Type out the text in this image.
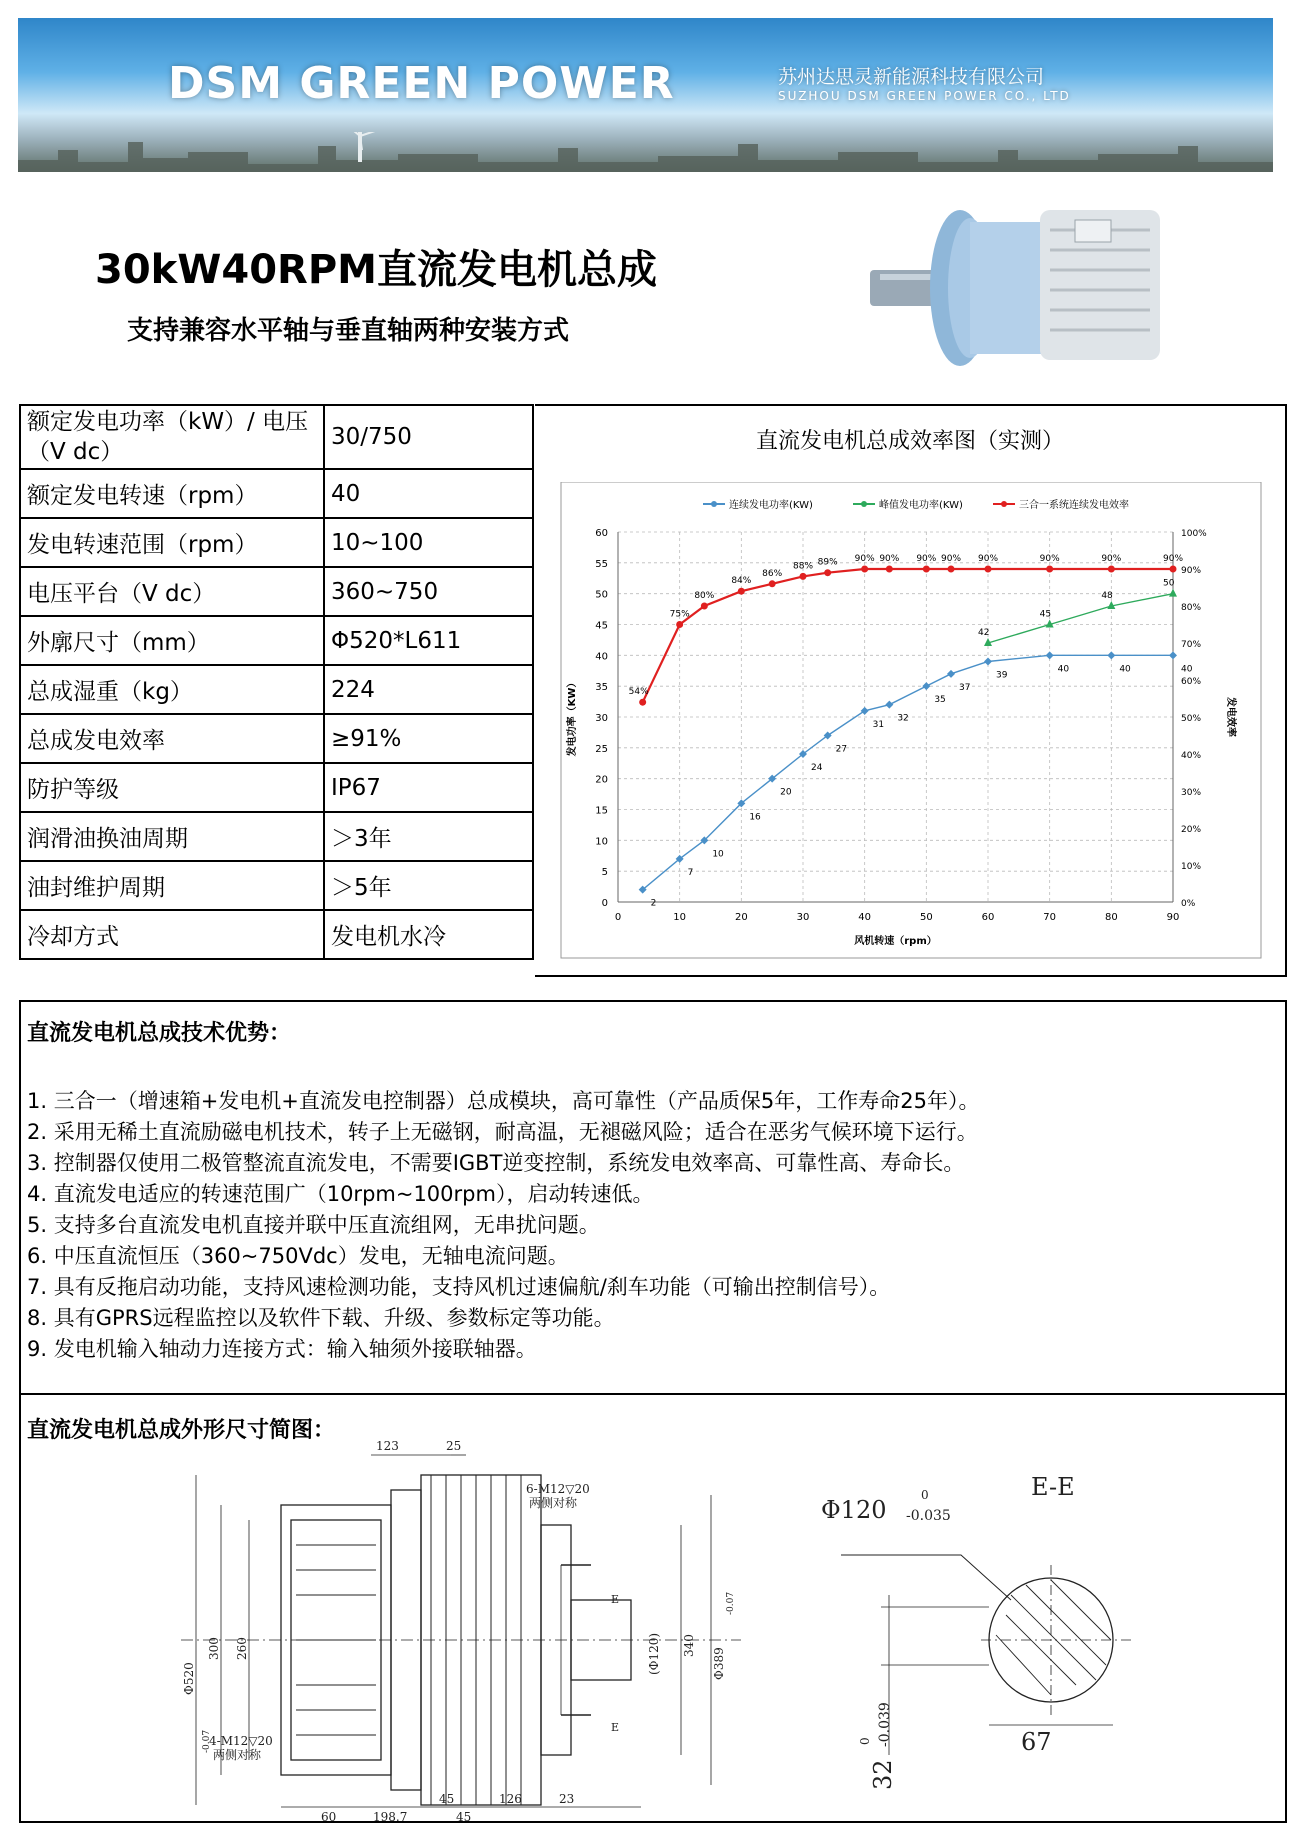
DSM GREEN POWER	苏州达思灵新能源科技有限公司
SUZHOU DSM GREEN POWER CO., LTD
30kW40RPM直流发电机总成
支持兼容水平轴与垂直轴两种安装方式
额定发电功率（kW）/ 电压（V dc）	30/750
额定发电转速（rpm）	40
发电转速范围（rpm）	10~100
电压平台（V dc）	360~750
外廓尺寸（mm）	Φ520*L611
总成湿重（kg）	224
总成发电效率	≥91%
防护等级	IP67
润滑油换油周期	＞3年
油封维护周期	＞5年
冷却方式	发电机水冷
直流发电机总成效率图（实测）
0
5
10
15
20
25
30
35
40
45
50
55
60
0	10	20	30	40	50	60	70	80	90
0%
10%
20%
30%
40%
50%
60%
70%
80%
90%
100%
风机转速（rpm）
发电功率（KW）	发电效率
连续发电功率(KW)	峰值发电功率(KW)	三合一系统连续发电效率
2
7
10
16
20
24
27
31
32
35
37
39
40	40	40
42
45
48
50
54%
75%
80%
84%
86%
88% 89% 90% 90% 90% 90% 90%	90%	90%	90%
直流发电机总成技术优势：
1. 三合一（增速箱+发电机+直流发电控制器）总成模块，高可靠性（产品质保5年，工作寿命25年）。
2. 采用无稀土直流励磁电机技术，转子上无磁钢，耐高温，无褪磁风险；适合在恶劣气候环境下运行。
3. 控制器仅使用二极管整流直流发电，不需要IGBT逆变控制，系统发电效率高、可靠性高、寿命长。
4. 直流发电适应的转速范围广（10rpm~100rpm），启动转速低。
5. 支持多台直流发电机直接并联中压直流组网，无串扰问题。
6. 中压直流恒压（360~750Vdc）发电，无轴电流问题。
7. 具有反拖启动功能，支持风速检测功能，支持风机过速偏航/刹车功能（可输出控制信号）。
8. 具有GPRS远程监控以及软件下载、升级、参数标定等功能。
9. 发电机输入轴动力连接方式：输入轴须外接联轴器。
直流发电机总成外形尺寸简图：
123	25
6-M12▽20
两侧对称
Φ520
300 260	(Φ120) 340
Φ389
-0.07
-0.07
E
E
4-M12▽20
两侧对称
60	198.7
45
45
126	23
E-E
Φ120
0
-0.035
67
32
0 -0.039
